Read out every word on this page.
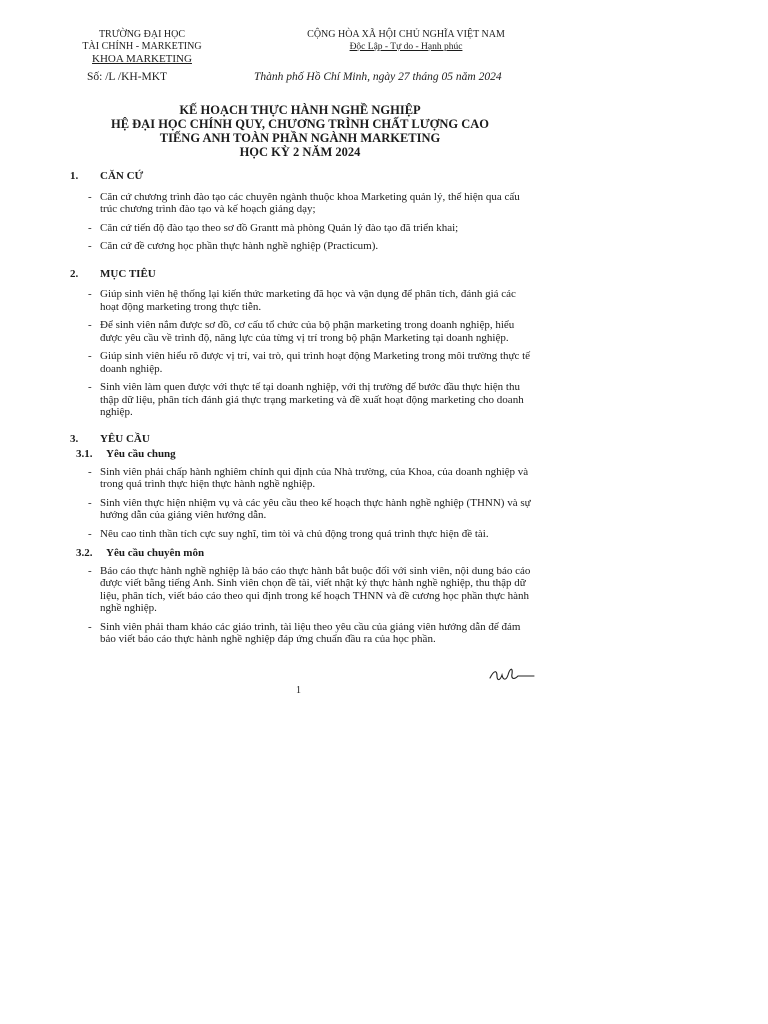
TRƯỜNG ĐẠI HỌC
TÀI CHÍNH - MARKETING
KHOA MARKETING
CỘNG HÒA XÃ HỘI CHỦ NGHĨA VIỆT NAM
Độc Lập - Tự do - Hạnh phúc
Số: /L /KH-MKT	Thành phố Hồ Chí Minh, ngày 27 tháng 05 năm 2024
KẾ HOẠCH THỰC HÀNH NGHỀ NGHIỆP
HỆ ĐẠI HỌC CHÍNH QUY, CHƯƠNG TRÌNH CHẤT LƯỢNG CAO
TIẾNG ANH TOÀN PHẦN NGÀNH MARKETING
HỌC KỲ 2 NĂM 2024
1. CĂN CỨ
- Căn cứ chương trình đào tạo các chuyên ngành thuộc khoa Marketing quản lý, thể hiện qua cấu trúc chương trình đào tạo và kế hoạch giảng dạy;
- Căn cứ tiến độ đào tạo theo sơ đồ Grantt mà phòng Quản lý đào tạo đã triển khai;
- Căn cứ đề cương học phần thực hành nghề nghiệp (Practicum).
2. MỤC TIÊU
- Giúp sinh viên hệ thống lại kiến thức marketing đã học và vận dụng để phân tích, đánh giá các hoạt động marketing trong thực tiễn.
- Để sinh viên nắm được sơ đồ, cơ cấu tổ chức của bộ phận marketing trong doanh nghiệp, hiểu được yêu cầu về trình độ, năng lực của từng vị trí trong bộ phận Marketing tại doanh nghiệp.
- Giúp sinh viên hiểu rõ được vị trí, vai trò, qui trình hoạt động Marketing trong môi trường thực tế doanh nghiệp.
- Sinh viên làm quen được với thực tế tại doanh nghiệp, với thị trường để bước đầu thực hiện thu thập dữ liệu, phân tích đánh giá thực trạng marketing và đề xuất hoạt động marketing cho doanh nghiệp.
3. YÊU CẦU
3.1. Yêu cầu chung
- Sinh viên phải chấp hành nghiêm chỉnh qui định của Nhà trường, của Khoa, của doanh nghiệp và trong quá trình thực hiện thực hành nghề nghiệp.
- Sinh viên thực hiện nhiệm vụ và các yêu cầu theo kế hoạch thực hành nghề nghiệp (THNN) và sự hướng dẫn của giảng viên hướng dẫn.
- Nêu cao tinh thần tích cực suy nghĩ, tìm tòi và chủ động trong quá trình thực hiện đề tài.
3.2. Yêu cầu chuyên môn
- Báo cáo thực hành nghề nghiệp là báo cáo thực hành bắt buộc đối với sinh viên, nội dung báo cáo được viết bằng tiếng Anh. Sinh viên chọn đề tài, viết nhật ký thực hành nghề nghiệp, thu thập dữ liệu, phân tích, viết báo cáo theo qui định trong kế hoạch THNN và đề cương học phần thực hành nghề nghiệp.
- Sinh viên phải tham khảo các giáo trình, tài liệu theo yêu cầu của giảng viên hướng dẫn để đảm bảo viết báo cáo thực hành nghề nghiệp đáp ứng chuẩn đầu ra của học phần.
1
